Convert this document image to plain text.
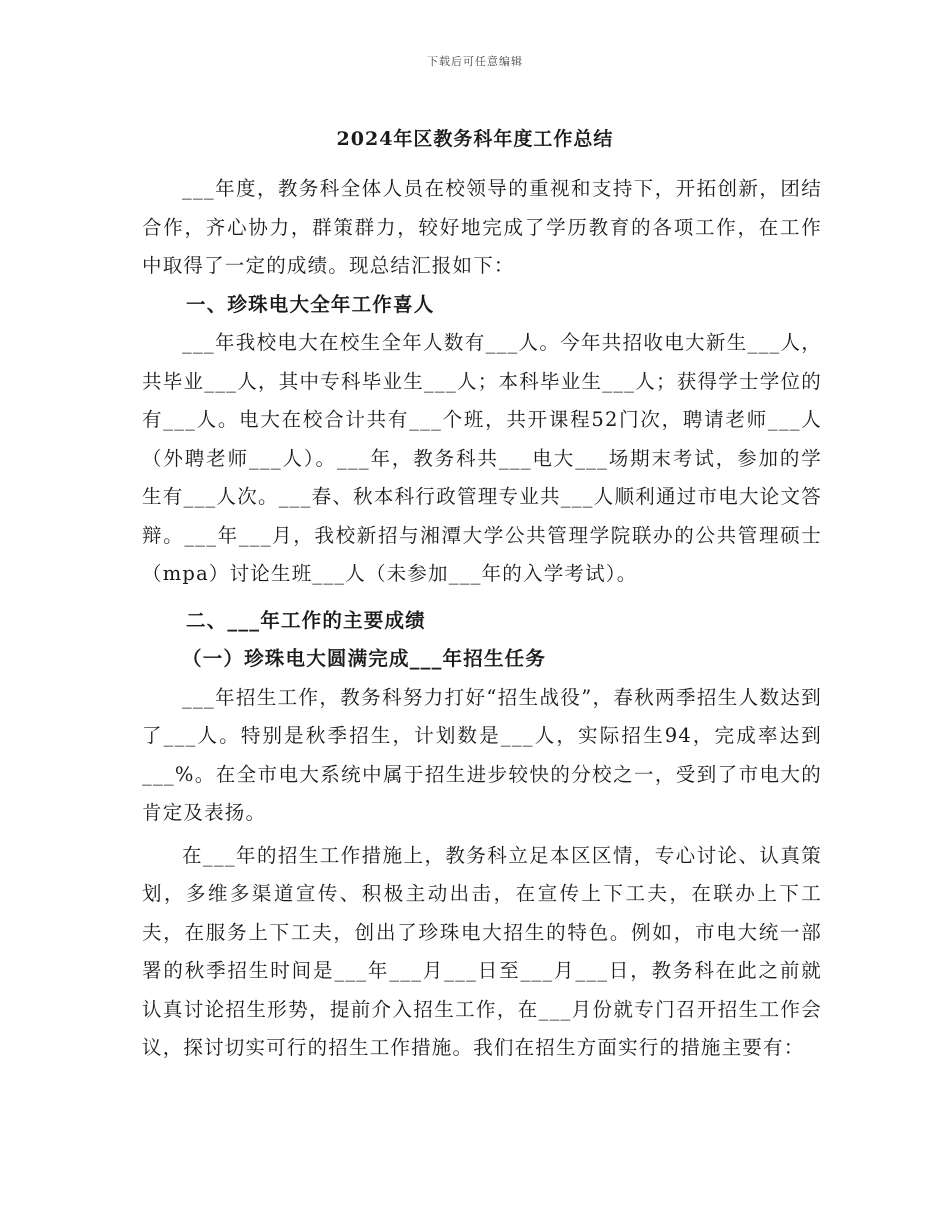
下载后可任意编辑
2024年区教务科年度工作总结

___年度，教务科全体人员在校领导的重视和支持下，开拓创新，团结合作，齐心协力，群策群力，较好地完成了学历教育的各项工作，在工作中取得了一定的成绩。现总结汇报如下：

一、珍珠电大全年工作喜人

___年我校电大在校生全年人数有___人。今年共招收电大新生___人，共毕业___人，其中专科毕业生___人；本科毕业生___人；获得学士学位的有___人。电大在校合计共有___个班，共开课程52门次，聘请老师___人（外聘老师___人）。___年，教务科共___电大___场期末考试，参加的学生有___人次。___春、秋本科行政管理专业共___人顺利通过市电大论文答辩。___年___月，我校新招与湘潭大学公共管理学院联办的公共管理硕士（mpa）讨论生班___人（未参加___年的入学考试）。

二、___年工作的主要成绩
（一）珍珠电大圆满完成___年招生任务

___年招生工作，教务科努力打好“招生战役”，春秋两季招生人数达到了___人。特别是秋季招生，计划数是___人，实际招生94，完成率达到___%。在全市电大系统中属于招生进步较快的分校之一，受到了市电大的肯定及表扬。

在___年的招生工作措施上，教务科立足本区区情，专心讨论、认真策划，多维多渠道宣传、积极主动出击，在宣传上下工夫，在联办上下工夫，在服务上下工夫，创出了珍珠电大招生的特色。例如，市电大统一部署的秋季招生时间是___年___月___日至___月___日，教务科在此之前就认真讨论招生形势，提前介入招生工作，在___月份就专门召开招生工作会议，探讨切实可行的招生工作措施。我们在招生方面实行的措施主要有：
